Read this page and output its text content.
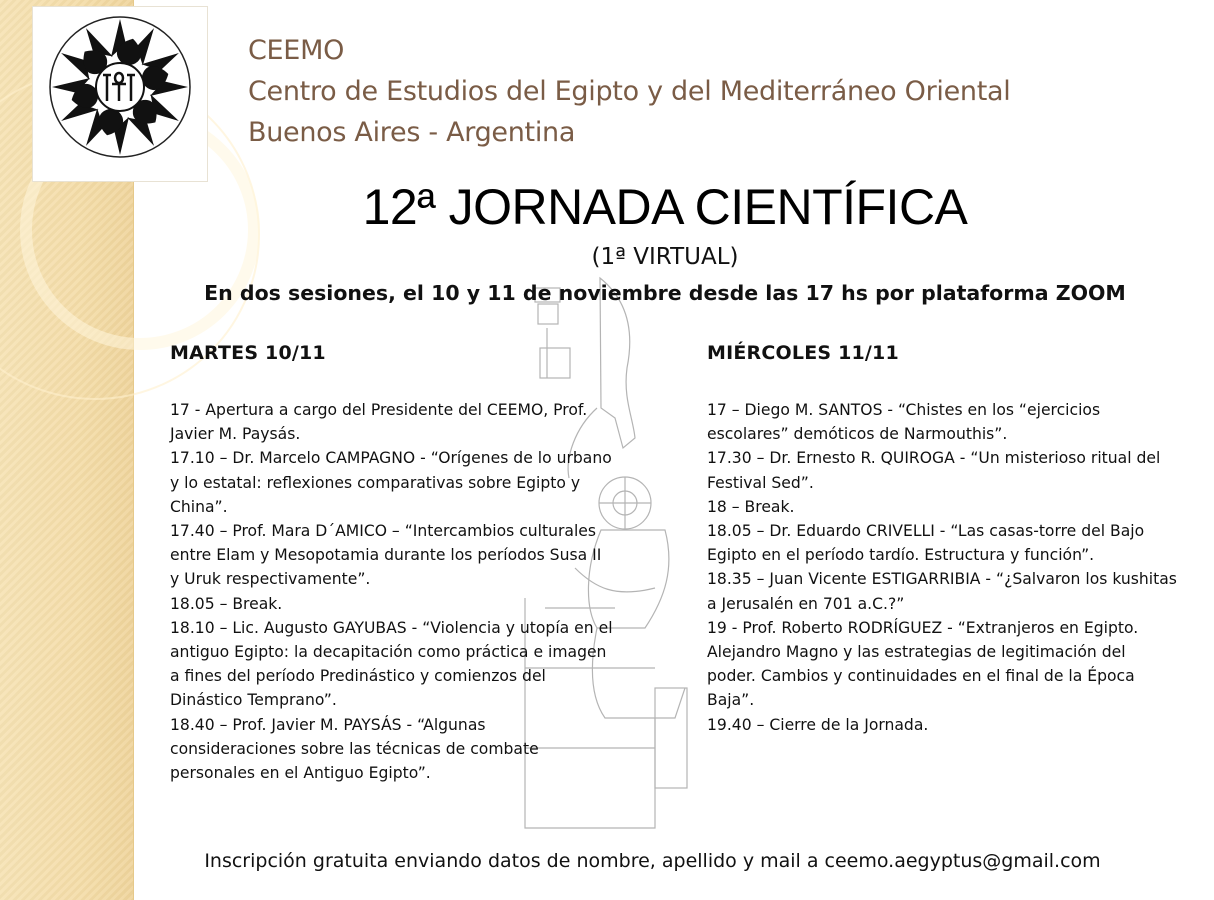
CEEMO
Centro de Estudios del Egipto y del Mediterráneo Oriental
Buenos Aires - Argentina
12ª JORNADA CIENTÍFICA
(1ª VIRTUAL)
En dos sesiones, el 10 y 11 de noviembre desde las 17 hs por plataforma ZOOM
MARTES 10/11
17 - Apertura a cargo del Presidente del CEEMO, Prof. Javier M. Paysás.
17.10 – Dr. Marcelo CAMPAGNO - “Orígenes de lo urbano y lo estatal: reflexiones comparativas sobre Egipto y China”.
17.40 – Prof. Mara D´AMICO – “Intercambios culturales entre Elam y Mesopotamia durante los períodos Susa II y Uruk respectivamente”.
18.05 – Break.
18.10 – Lic. Augusto GAYUBAS - “Violencia y utopía en el antiguo Egipto: la decapitación como práctica e imagen a fines del período Predinástico y comienzos del Dinástico Temprano”.
18.40 – Prof. Javier M. PAYSÁS - “Algunas consideraciones sobre las técnicas de combate personales en el Antiguo Egipto”.
MIÉRCOLES 11/11
17 – Diego M. SANTOS - “Chistes en los “ejercicios escolares” demóticos de Narmouthis”.
17.30 – Dr. Ernesto R. QUIROGA - “Un misterioso ritual del Festival Sed”.
18 – Break.
18.05 – Dr. Eduardo CRIVELLI - “Las casas-torre del Bajo Egipto en el período tardío. Estructura y función”.
18.35 – Juan Vicente ESTIGARRIBIA - “¿Salvaron los kushitas a Jerusalén en 701 a.C.?”
19 - Prof. Roberto RODRÍGUEZ - “Extranjeros en Egipto. Alejandro Magno y las estrategias de legitimación del poder. Cambios y continuidades en el final de la Época Baja”.
19.40 – Cierre de la Jornada.
Inscripción gratuita enviando datos de nombre, apellido y mail a ceemo.aegyptus@gmail.com
